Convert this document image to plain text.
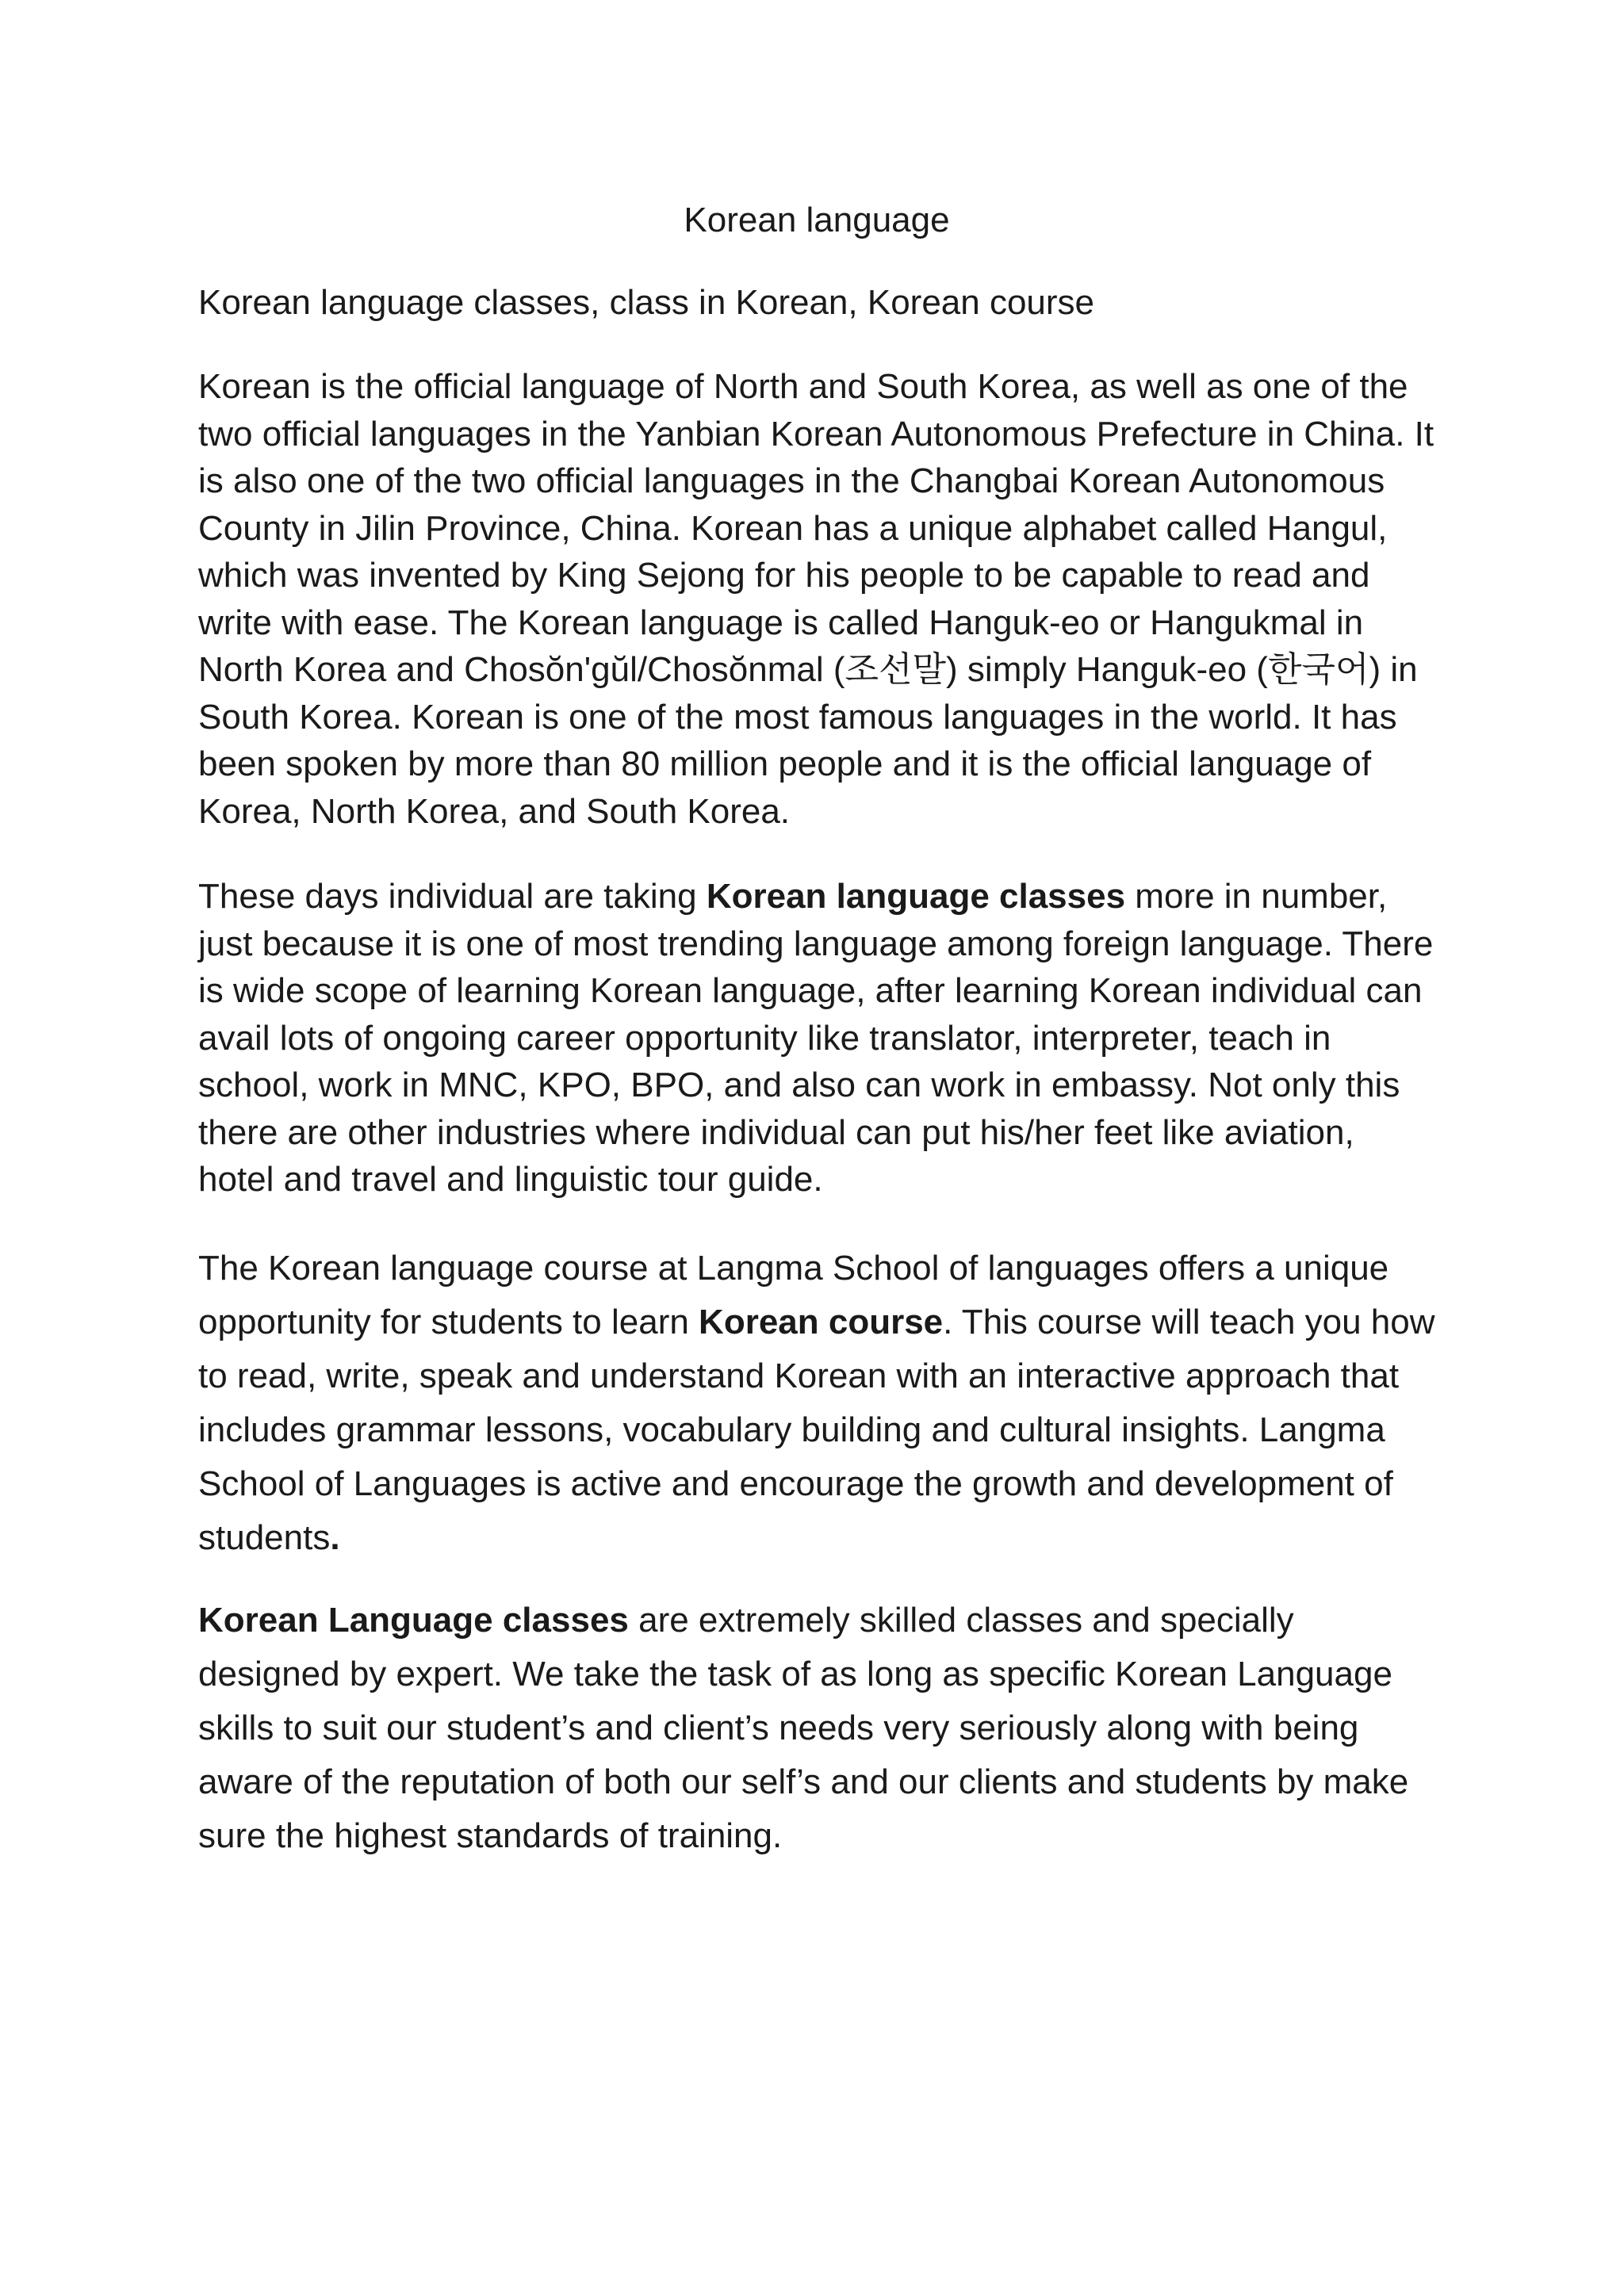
Korean language
Korean language classes, class in Korean, Korean course

Korean is the official language of North and South Korea, as well as one of the two official languages in the Yanbian Korean Autonomous Prefecture in China. It is also one of the two official languages in the Changbai Korean Autonomous County in Jilin Province, China. Korean has a unique alphabet called Hangul, which was invented by King Sejong for his people to be capable to read and write with ease. The Korean language is called Hanguk-eo or Hangukmal in North Korea and Chosŏn'gŭl/Chosŏnmal (조선말) simply Hanguk-eo (한국어) in South Korea. Korean is one of the most famous languages in the world. It has been spoken by more than 80 million people and it is the official language of Korea, North Korea, and South Korea.

These days individual are taking Korean language classes more in number, just because it is one of most trending language among foreign language. There is wide scope of learning Korean language, after learning Korean individual can avail lots of ongoing career opportunity like translator, interpreter, teach in school, work in MNC, KPO, BPO, and also can work in embassy. Not only this there are other industries where individual can put his/her feet like aviation, hotel and travel and linguistic tour guide.

The Korean language course at Langma School of languages offers a unique opportunity for students to learn Korean course. This course will teach you how to read, write, speak and understand Korean with an interactive approach that includes grammar lessons, vocabulary building and cultural insights. Langma School of Languages is active and encourage the growth and development of students.

Korean Language classes are extremely skilled classes and specially designed by expert. We take the task of as long as specific Korean Language skills to suit our student’s and client’s needs very seriously along with being aware of the reputation of both our self’s and our clients and students by make sure the highest standards of training.
